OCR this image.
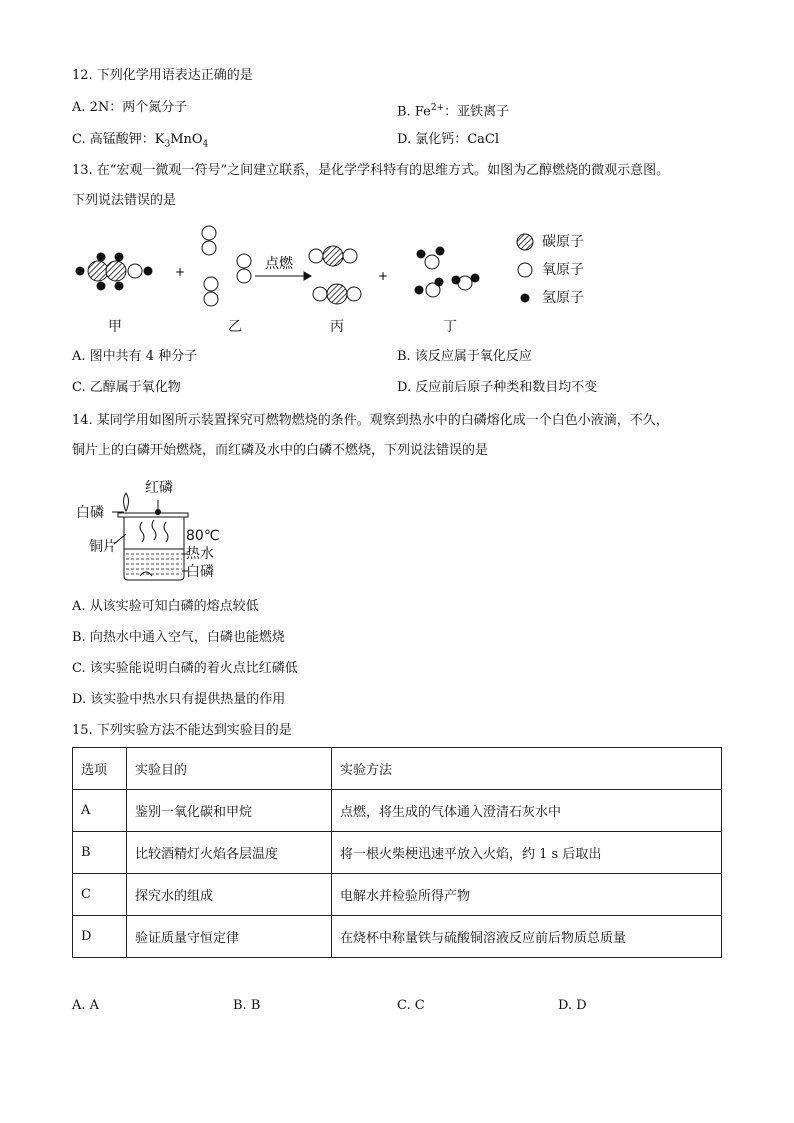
12. 下列化学用语表达正确的是
A. 2N：两个氮分子	B. $Fe^{2+}$：亚铁离子
C. 高锰酸钾：$K_3MnO_4$	D. 氯化钙：CaCl
13. 在“宏观一微观一符号”之间建立联系，是化学学科特有的思维方式。如图为乙醇燃烧的微观示意图。
下列说法错误的是
+	点燃
+
碳原子
氧原子
氢原子
甲	乙	丙	丁
A. 图中共有 4 种分子	B. 该反应属于氧化反应
C. 乙醇属于氧化物	D. 反应前后原子种类和数目均不变
14. 某同学用如图所示装置探究可燃物燃烧的条件。观察到热水中的白磷熔化成一个白色小液滴，不久，
铜片上的白磷开始燃烧，而红磷及水中的白磷不燃烧，下列说法错误的是
红磷
白磷
80℃
铜片	热水
白磷
A. 从该实验可知白磷的熔点较低
B. 向热水中通入空气，白磷也能燃烧
C. 该实验能说明白磷的着火点比红磷低
D. 该实验中热水只有提供热量的作用
15. 下列实验方法不能达到实验目的是
选项	实验目的	实验方法
A	鉴别一氧化碳和甲烷	点燃，将生成的气体通入澄清石灰水中
B	比较酒精灯火焰各层温度	将一根火柴梗迅速平放入火焰，约 1 s 后取出
C	探究水的组成	电解水并检验所得产物
D	验证质量守恒定律	在烧杯中称量铁与硫酸铜溶液反应前后物质总质量
A. A	B. B	C. C	D. D
